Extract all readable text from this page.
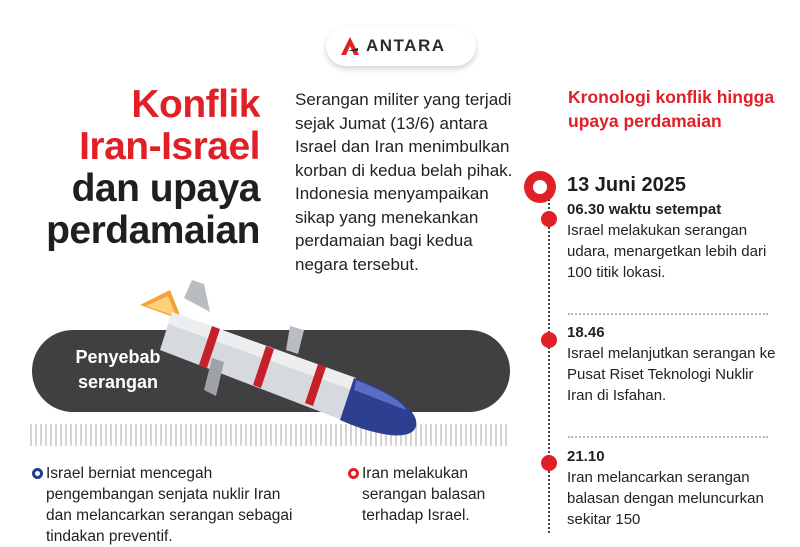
ANTARA
Konflik
Iran-Israel
dan upaya
perdamaian

Serangan militer yang terjadi sejak Jumat (13/6) antara Israel dan Iran menimbulkan korban di kedua belah pihak. Indonesia menyampaikan sikap yang menekankan perdamaian bagi kedua negara tersebut.

Penyebab
serangan
Israel berniat mencegah pengembangan senjata nuklir Iran dan melancarkan serangan sebagai tindakan preventif.
Iran melakukan serangan balasan terhadap Israel.
Kronologi konflik hingga upaya perdamaian
13 Juni 2025
06.30 waktu setempat
Israel melakukan serangan udara, menargetkan lebih dari 100 titik lokasi.
18.46
Israel melanjutkan serangan ke Pusat Riset Teknologi Nuklir Iran di Isfahan.
21.10
Iran melancarkan serangan balasan dengan meluncurkan sekitar 150
